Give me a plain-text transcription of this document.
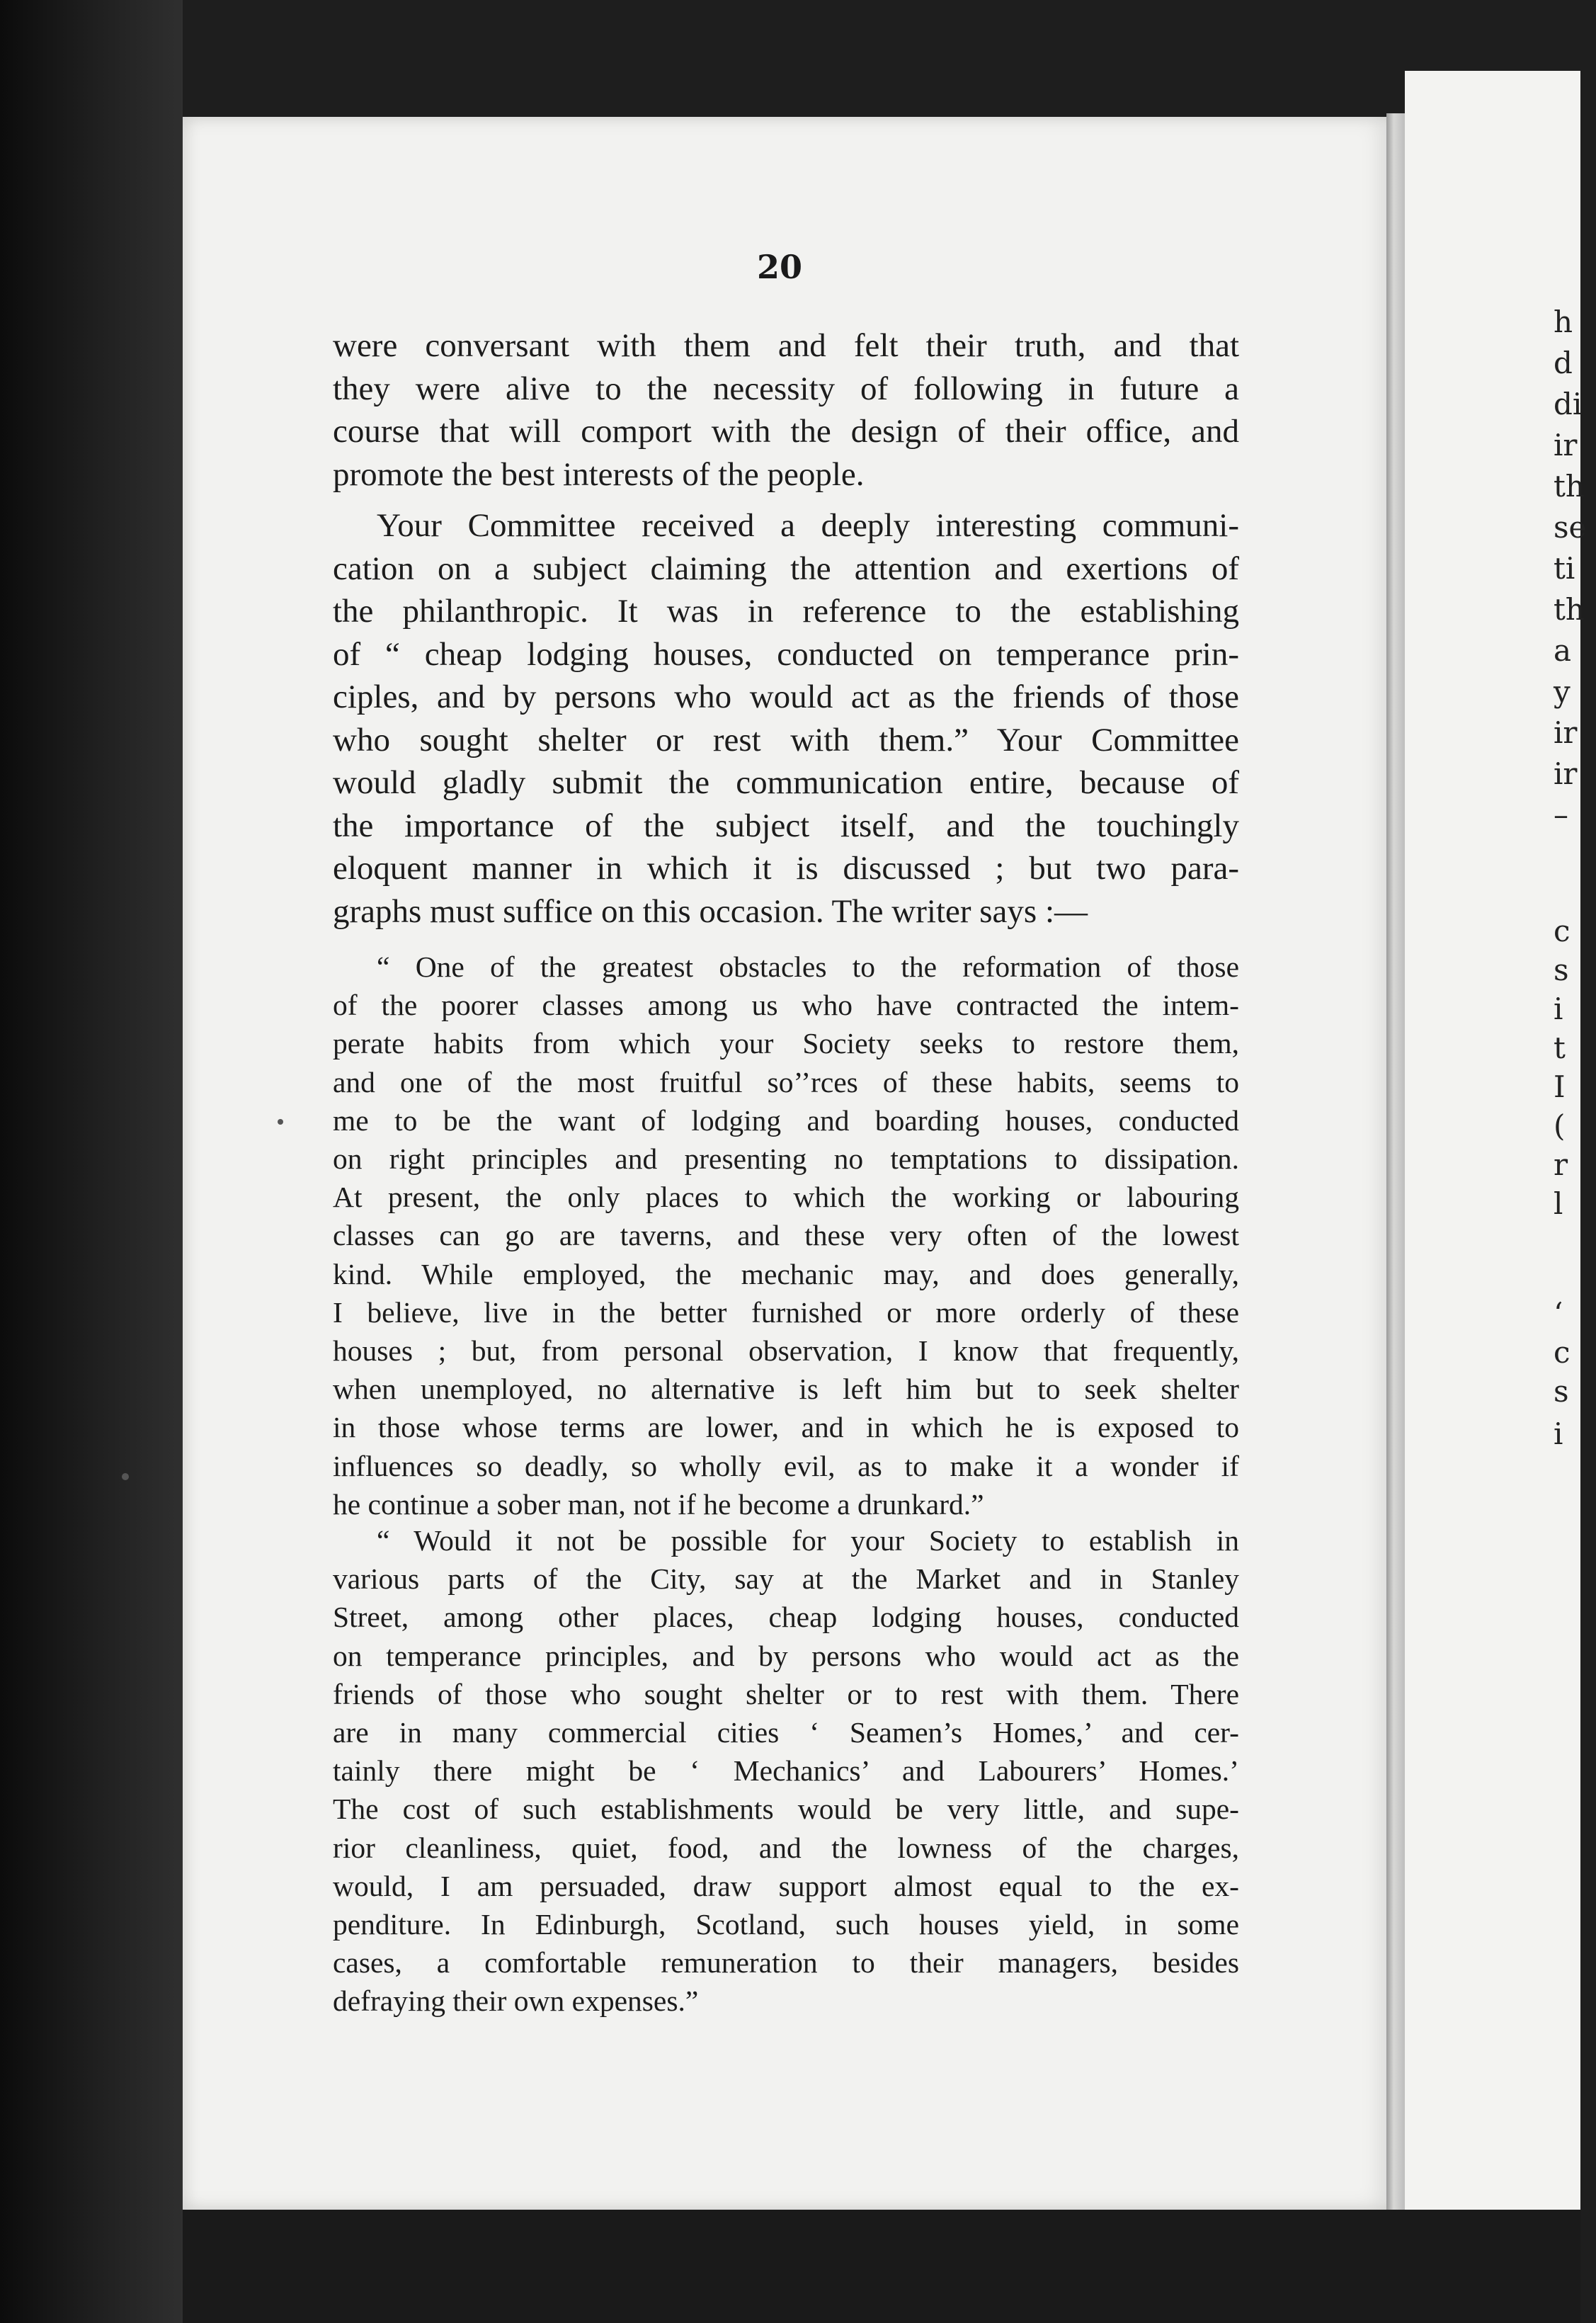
h
d
di
ir
th
se
ti
th
a
y
ir
ir
–
c
s
i
t
I
(
r
l
‘
c
s
i
20
were conversant with them and felt their truth, and that
they were alive to the necessity of following in future a
course that will comport with the design of their office, and
promote the best interests of the people.
Your Committee received a deeply interesting communi-
cation on a subject claiming the attention and exertions of
the philanthropic. It was in reference to the establishing
of “ cheap lodging houses, conducted on temperance prin-
ciples, and by persons who would act as the friends of those
who sought shelter or rest with them.” Your Committee
would gladly submit the communication entire, because of
the importance of the subject itself, and the touchingly
eloquent manner in which it is discussed ; but two para-
graphs must suffice on this occasion. The writer says :—
“ One of the greatest obstacles to the reformation of those
of the poorer classes among us who have contracted the intem-
perate habits from which your Society seeks to restore them,
and one of the most fruitful so’’rces of these habits, seems to
me to be the want of lodging and boarding houses, conducted
on right principles and presenting no temptations to dissipation.
At present, the only places to which the working or labouring
classes can go are taverns, and these very often of the lowest
kind. While employed, the mechanic may, and does generally,
I believe, live in the better furnished or more orderly of these
houses ; but, from personal observation, I know that frequently,
when unemployed, no alternative is left him but to seek shelter
in those whose terms are lower, and in which he is exposed to
influences so deadly, so wholly evil, as to make it a wonder if
he continue a sober man, not if he become a drunkard.”
“ Would it not be possible for your Society to establish in
various parts of the City, say at the Market and in Stanley
Street, among other places, cheap lodging houses, conducted
on temperance principles, and by persons who would act as the
friends of those who sought shelter or to rest with them. There
are in many commercial cities ‘ Seamen’s Homes,’ and cer-
tainly there might be ‘ Mechanics’ and Labourers’ Homes.’
The cost of such establishments would be very little, and supe-
rior cleanliness, quiet, food, and the lowness of the charges,
would, I am persuaded, draw support almost equal to the ex-
penditure. In Edinburgh, Scotland, such houses yield, in some
cases, a comfortable remuneration to their managers, besides
defraying their own expenses.”
